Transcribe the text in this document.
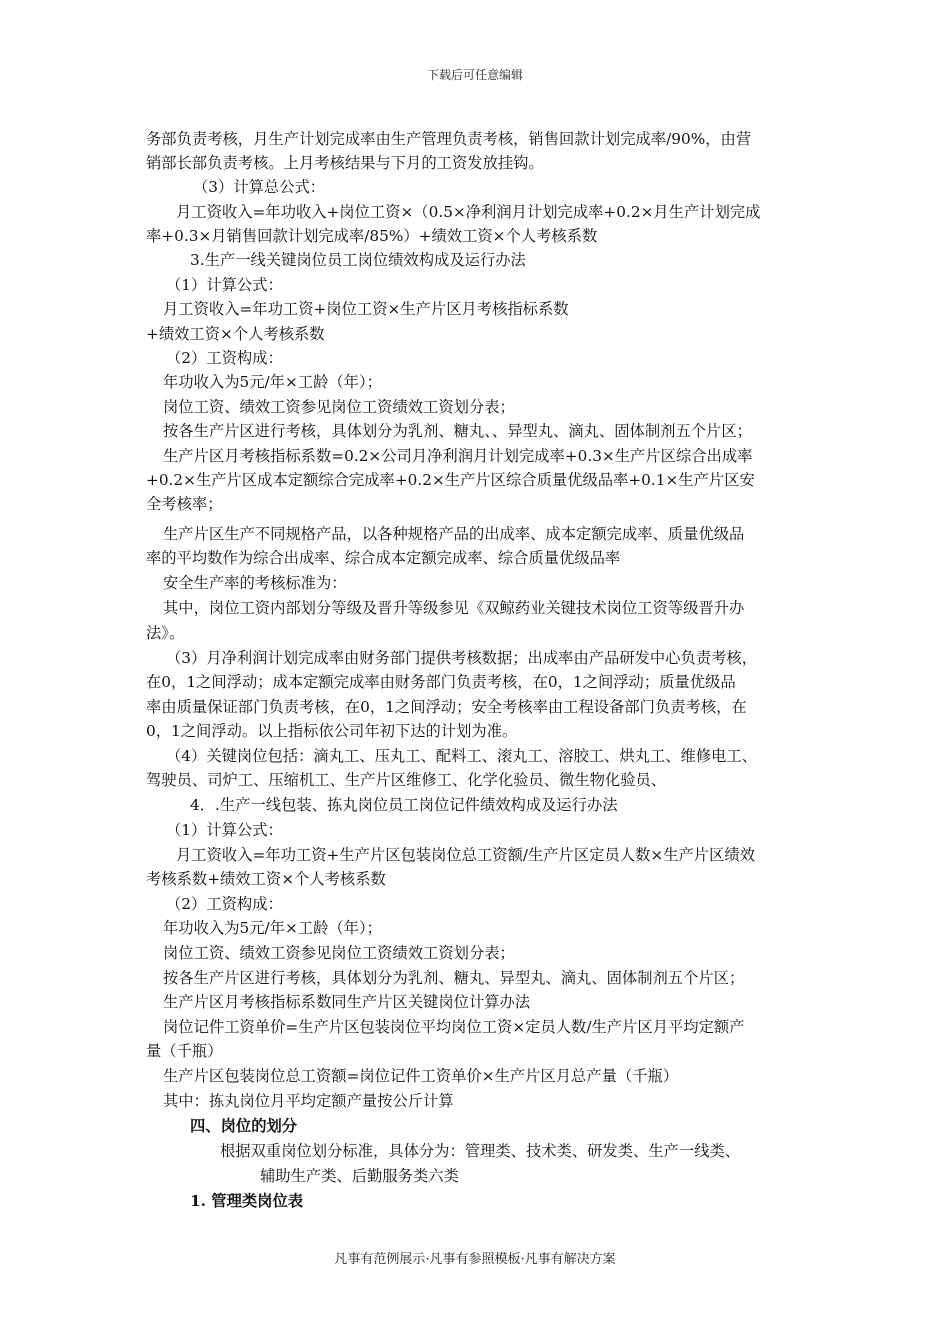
下载后可任意编辑
务部负责考核，月生产计划完成率由生产管理负责考核，销售回款计划完成率/90%，由营
销部长部负责考核。上月考核结果与下月的工资发放挂钩。
（3）计算总公式：
月工资收入=年功收入+岗位工资×（0.5×净利润月计划完成率+0.2×月生产计划完成
率+0.3×月销售回款计划完成率/85%）+绩效工资×个人考核系数
3.生产一线关键岗位员工岗位绩效构成及运行办法
（1）计算公式：
月工资收入=年功工资+岗位工资×生产片区月考核指标系数
+绩效工资×个人考核系数
（2）工资构成：
年功收入为5元/年×工龄（年）；
岗位工资、绩效工资参见岗位工资绩效工资划分表；
按各生产片区进行考核，具体划分为乳剂、糖丸、、异型丸、滴丸、固体制剂五个片区；
生产片区月考核指标系数=0.2×公司月净利润月计划完成率+0.3×生产片区综合出成率
+0.2×生产片区成本定额综合完成率+0.2×生产片区综合质量优级品率+0.1×生产片区安
全考核率；
生产片区生产不同规格产品，以各种规格产品的出成率、成本定额完成率、质量优级品
率的平均数作为综合出成率、综合成本定额完成率、综合质量优级品率
安全生产率的考核标准为：
其中，岗位工资内部划分等级及晋升等级参见《双鲸药业关键技术岗位工资等级晋升办
法》。
（3）月净利润计划完成率由财务部门提供考核数据；出成率由产品研发中心负责考核，
在0，1之间浮动；成本定额完成率由财务部门负责考核，在0，1之间浮动；质量优级品
率由质量保证部门负责考核，在0，1之间浮动；安全考核率由工程设备部门负责考核，在
0，1之间浮动。以上指标依公司年初下达的计划为准。
（4）关键岗位包括：滴丸工、压丸工、配料工、滚丸工、溶胶工、烘丸工、维修电工、
驾驶员、司炉工、压缩机工、生产片区维修工、化学化验员、微生物化验员、
4．.生产一线包装、拣丸岗位员工岗位记件绩效构成及运行办法
（1）计算公式：
月工资收入=年功工资+生产片区包装岗位总工资额/生产片区定员人数×生产片区绩效
考核系数+绩效工资×个人考核系数
（2）工资构成：
年功收入为5元/年×工龄（年）；
岗位工资、绩效工资参见岗位工资绩效工资划分表；
按各生产片区进行考核，具体划分为乳剂、糖丸、异型丸、滴丸、固体制剂五个片区；
生产片区月考核指标系数同生产片区关键岗位计算办法
岗位记件工资单价=生产片区包装岗位平均岗位工资×定员人数/生产片区月平均定额产
量（千瓶）
生产片区包装岗位总工资额=岗位记件工资单价×生产片区月总产量（千瓶）
其中：拣丸岗位月平均定额产量按公斤计算
四、岗位的划分
根据双重岗位划分标准，具体分为：管理类、技术类、研发类、生产一线类、
辅助生产类、后勤服务类六类
1. 管理类岗位表
凡事有范例展示·凡事有参照模板·凡事有解决方案
